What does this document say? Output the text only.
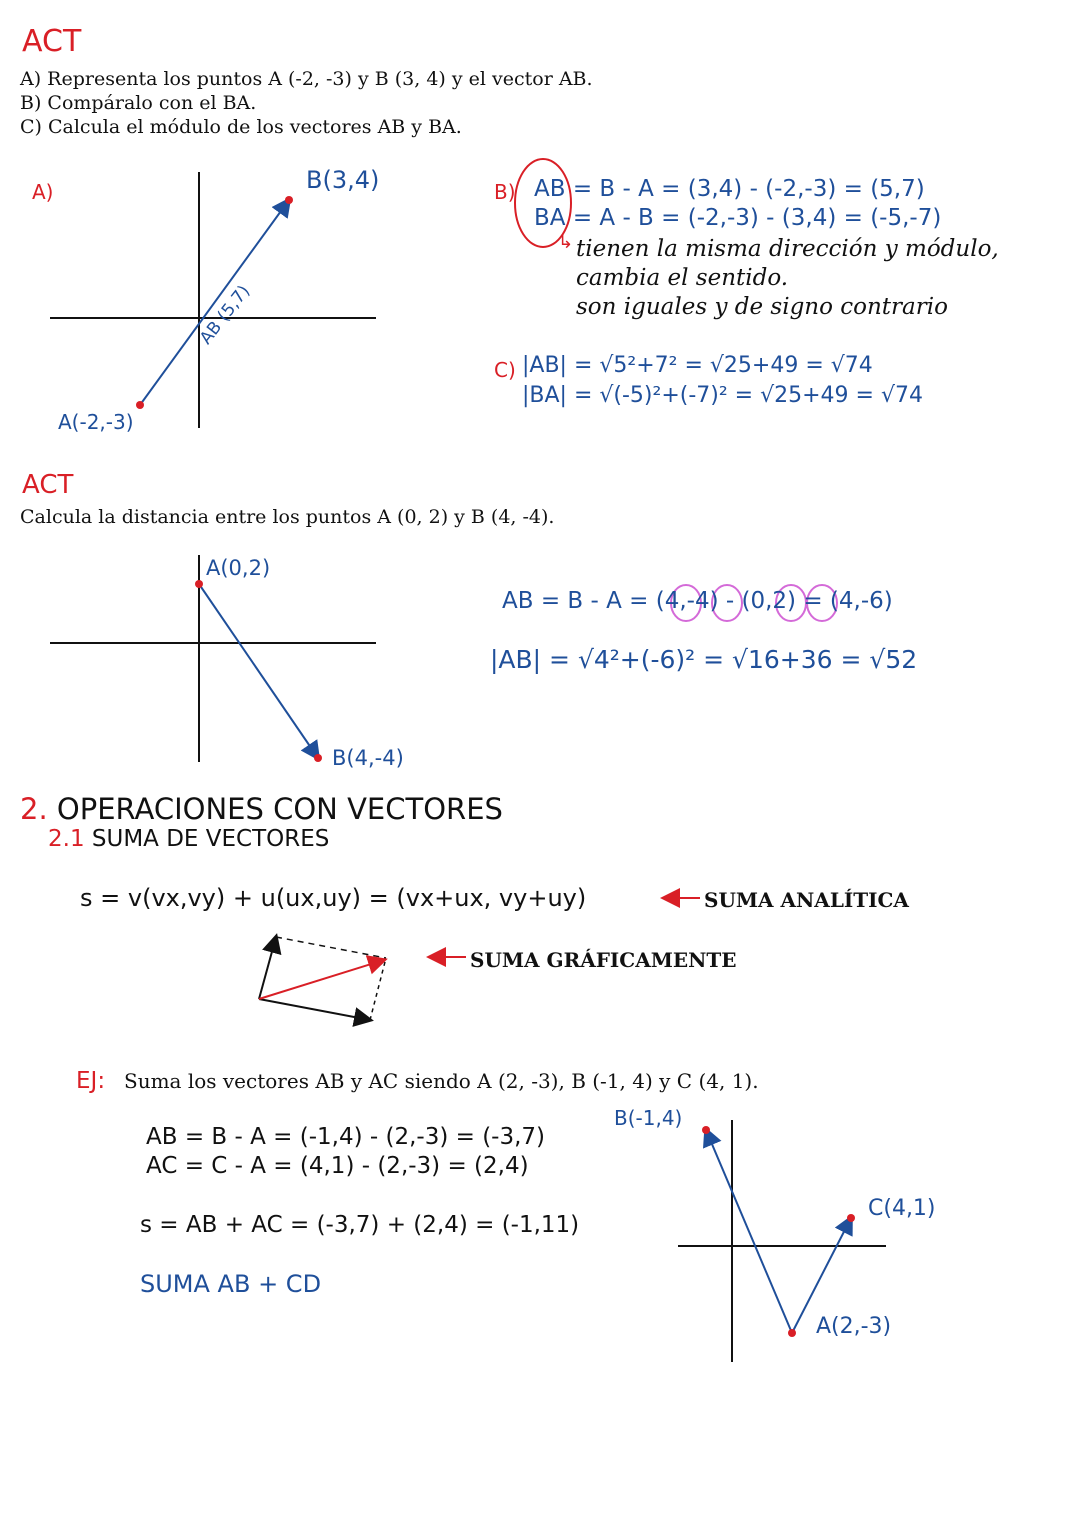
ACT
A) Representa los puntos A (-2, -3) y B (3, 4) y el vector AB.
B) Compáralo con el BA.
C) Calcula el módulo de los vectores AB y BA.
A)	B(3,4)
A(-2,-3)
AB (5,7)
B) AB = B - A = (3,4) - (-2,-3) = (5,7)
BA = A - B = (-2,-3) - (3,4) = (-5,-7)
↳ tienen la misma dirección y módulo,
cambia el sentido.
son iguales y de signo contrario
C) |AB| = √5²+7² = √25+49 = √74
|BA| = √(-5)²+(-7)² = √25+49 = √74
ACT
Calcula la distancia entre los puntos A (0, 2) y B (4, -4).
A(0,2)
B(4,-4)
AB = B - A = (4,-4) - (0,2) = (4,-6)
|AB| = √4²+(-6)² = √16+36 = √52
2. OPERACIONES CON VECTORES
2.1 SUMA DE VECTORES
s = v(vx,vy) + u(ux,uy) = (vx+ux, vy+uy)	SUMA ANALÍTICA
SUMA GRÁFICAMENTE
EJ: Suma los vectores AB y AC siendo A (2, -3), B (-1, 4) y C (4, 1).
AB = B - A = (-1,4) - (2,-3) = (-3,7)
AC = C - A = (4,1) - (2,-3) = (2,4)
s = AB + AC = (-3,7) + (2,4) = (-1,11)
SUMA AB + CD
B(-1,4)
C(4,1)
A(2,-3)
